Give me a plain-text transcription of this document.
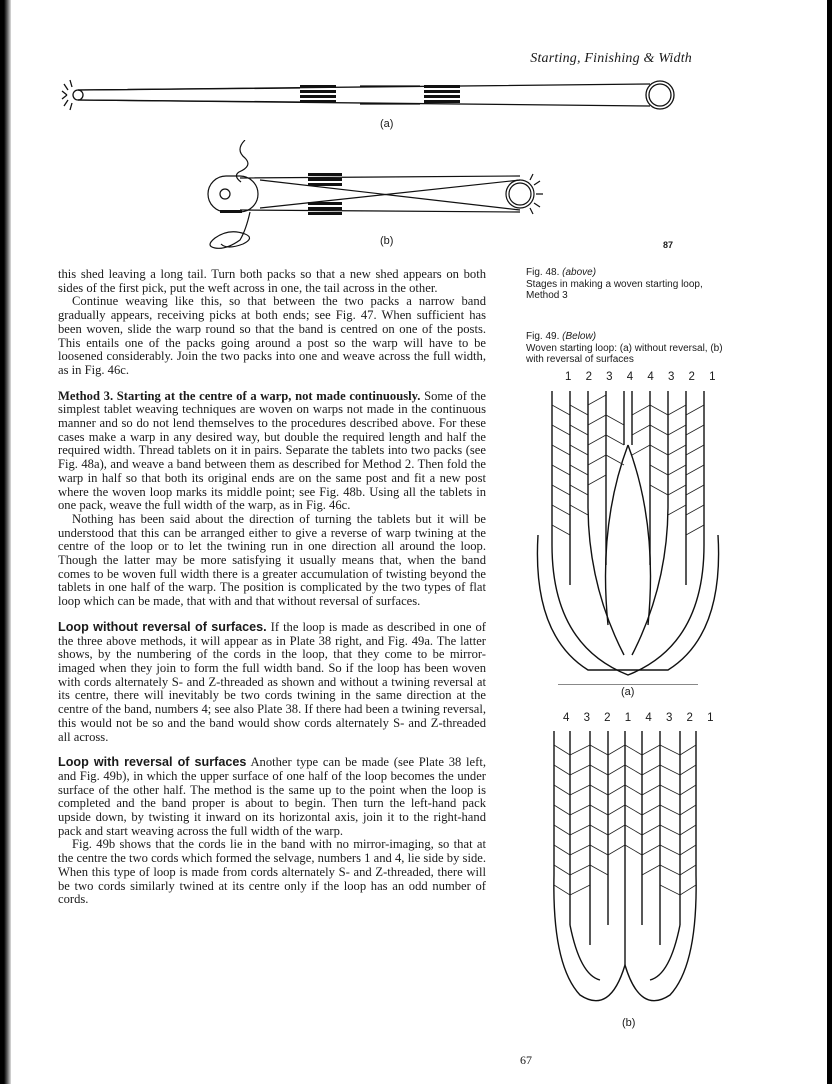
Starting, Finishing & Width
(a)
(b)	87
Fig. 48. (above)
Stages in making a woven starting loop, Method 3
Fig. 49. (Below)
Woven starting loop: (a) without reversal, (b) with reversal of surfaces
1 2 3 4 4 3 2 1
(a)
4 3 2 1 4 3 2 1
(b)

this shed leaving a long tail. Turn both packs so that a new shed appears on both sides of the first pick, put the weft across in one, the tail across in the other.

Continue weaving like this, so that between the two packs a narrow band gradually appears, receiving picks at both ends; see Fig. 47. When sufficient has been woven, slide the warp round so that the band is centred on one of the posts. This entails one of the packs going around a post so the warp will have to be loosened considerably. Join the two packs into one and weave across the full width, as in Fig. 46c.

Method 3. Starting at the centre of a warp, not made continuously. Some of the simplest tablet weaving techniques are woven on warps not made in the continuous manner and so do not lend themselves to the procedures described above. For these cases make a warp in any desired way, but double the required length and half the required width. Thread tablets on it in pairs. Separate the tablets into two packs (see Fig. 48a), and weave a band between them as described for Method 2. Then fold the warp in half so that both its original ends are on the same post and fit a new post where the woven loop marks its middle point; see Fig. 48b. Using all the tablets in one pack, weave the full width of the warp, as in Fig. 46c.

Nothing has been said about the direction of turning the tablets but it will be understood that this can be arranged either to give a reverse of warp twining at the centre of the loop or to let the twining run in one direction all around the loop. Though the latter may be more satisfying it usually means that, when the band comes to be woven full width there is a greater accumulation of twisting beyond the tablets in one half of the warp. The position is complicated by the two types of flat loop which can be made, that with and that without reversal of surfaces.

Loop without reversal of surfaces. If the loop is made as described in one of the three above methods, it will appear as in Plate 38 right, and Fig. 49a. The latter shows, by the numbering of the cords in the loop, that they come to be mirror-imaged when they join to form the full width band. So if the loop has been woven with cords alternately S- and Z-threaded as shown and without a twining reversal at its centre, there will inevitably be two cords twining in the same direction at the centre of the band, numbers 4; see also Plate 38. If there had been a twining reversal, this would not be so and the band would show cords alternately S- and Z-threaded all across.

Loop with reversal of surfaces Another type can be made (see Plate 38 left, and Fig. 49b), in which the upper surface of one half of the loop becomes the under surface of the other half. The method is the same up to the point when the loop is completed and the band proper is about to begin. Then turn the left-hand pack upside down, by twisting it inward on its horizontal axis, join it to the right-hand pack and start weaving across the full width of the warp.

Fig. 49b shows that the cords lie in the band with no mirror-imaging, so that at the centre the two cords which formed the selvage, numbers 1 and 4, lie side by side. When this type of loop is made from cords alternately S- and Z-threaded, there will be two cords similarly twined at its centre only if the loop has an odd number of cords.

67
